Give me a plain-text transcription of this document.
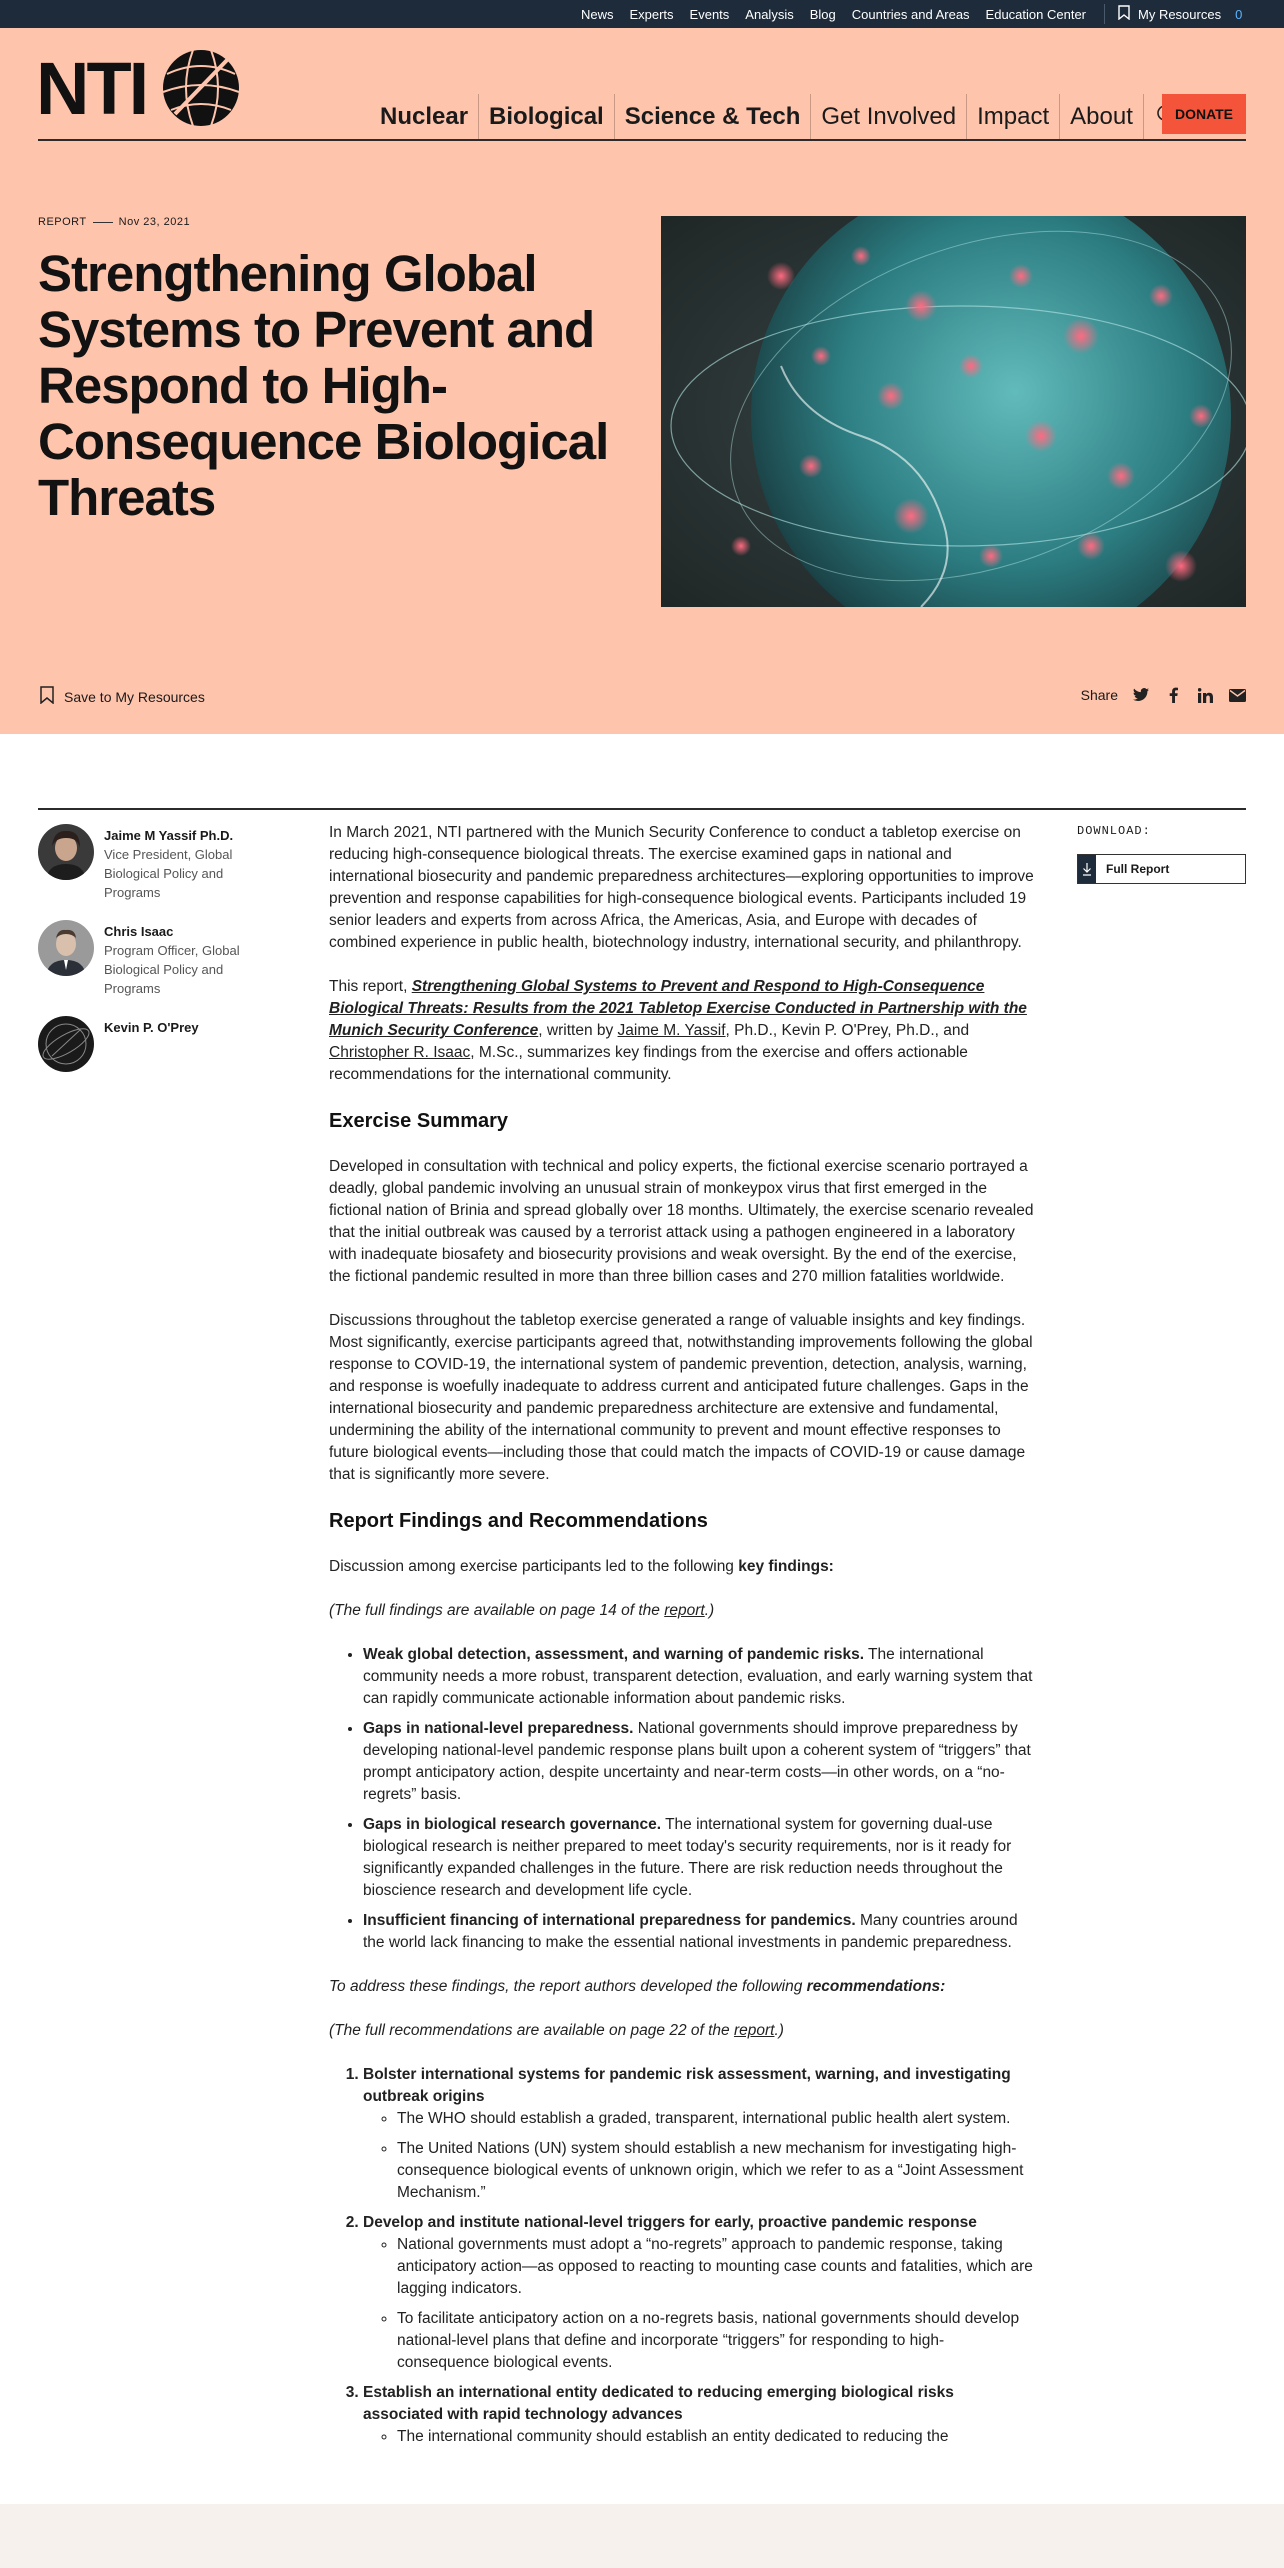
News Experts Events Analysis Blog Countries and Areas Education Center	My Resources 0
NTI	Nuclear Biological Science & Tech Get Involved Impact About	DONATE
REPORT	Nov 23, 2021
Strengthening Global Systems to Prevent and Respond to High-Consequence Biological Threats
Save to My Resources	Share
Jaime M Yassif Ph.D.
Vice President, Global Biological Policy and Programs
Chris Isaac
Program Officer, Global Biological Policy and Programs
Kevin P. O'Prey

In March 2021, NTI partnered with the Munich Security Conference to conduct a tabletop exercise on reducing high-consequence biological threats. The exercise examined gaps in national and international biosecurity and pandemic preparedness architectures—exploring opportunities to improve prevention and response capabilities for high-consequence biological events. Participants included 19 senior leaders and experts from across Africa, the Americas, Asia, and Europe with decades of combined experience in public health, biotechnology industry, international security, and philanthropy.

This report, Strengthening Global Systems to Prevent and Respond to High-Consequence Biological Threats: Results from the 2021 Tabletop Exercise Conducted in Partnership with the Munich Security Conference, written by Jaime M. Yassif, Ph.D., Kevin P. O'Prey, Ph.D., and Christopher R. Isaac, M.Sc., summarizes key findings from the exercise and offers actionable recommendations for the international community.

Exercise Summary

Developed in consultation with technical and policy experts, the fictional exercise scenario portrayed a deadly, global pandemic involving an unusual strain of monkeypox virus that first emerged in the fictional nation of Brinia and spread globally over 18 months. Ultimately, the exercise scenario revealed that the initial outbreak was caused by a terrorist attack using a pathogen engineered in a laboratory with inadequate biosafety and biosecurity provisions and weak oversight. By the end of the exercise, the fictional pandemic resulted in more than three billion cases and 270 million fatalities worldwide.

Discussions throughout the tabletop exercise generated a range of valuable insights and key findings. Most significantly, exercise participants agreed that, notwithstanding improvements following the global response to COVID-19, the international system of pandemic prevention, detection, analysis, warning, and response is woefully inadequate to address current and anticipated future challenges. Gaps in the international biosecurity and pandemic preparedness architecture are extensive and fundamental, undermining the ability of the international community to prevent and mount effective responses to future biological events—including those that could match the impacts of COVID-19 or cause damage that is significantly more severe.

Report Findings and Recommendations

Discussion among exercise participants led to the following key findings:

(The full findings are available on page 14 of the report.)

• Weak global detection, assessment, and warning of pandemic risks. The international community needs a more robust, transparent detection, evaluation, and early warning system that can rapidly communicate actionable information about pandemic risks.
• Gaps in national-level preparedness. National governments should improve preparedness by developing national-level pandemic response plans built upon a coherent system of “triggers” that prompt anticipatory action, despite uncertainty and near-term costs—in other words, on a “no-regrets” basis.
• Gaps in biological research governance. The international system for governing dual-use biological research is neither prepared to meet today's security requirements, nor is it ready for significantly expanded challenges in the future. There are risk reduction needs throughout the bioscience research and development life cycle.
• Insufficient financing of international preparedness for pandemics. Many countries around the world lack financing to make the essential national investments in pandemic preparedness.

To address these findings, the report authors developed the following recommendations:

(The full recommendations are available on page 22 of the report.)

1. Bolster international systems for pandemic risk assessment, warning, and investigating outbreak origins
◦ The WHO should establish a graded, transparent, international public health alert system.
◦ The United Nations (UN) system should establish a new mechanism for investigating high-consequence biological events of unknown origin, which we refer to as a “Joint Assessment Mechanism.”
2. Develop and institute national-level triggers for early, proactive pandemic response
◦ National governments must adopt a “no-regrets” approach to pandemic response, taking anticipatory action—as opposed to reacting to mounting case counts and fatalities, which are lagging indicators.
◦ To facilitate anticipatory action on a no-regrets basis, national governments should develop national-level plans that define and incorporate “triggers” for responding to high-consequence biological events.
3. Establish an international entity dedicated to reducing emerging biological risks associated with rapid technology advances
◦ The international community should establish an entity dedicated to reducing the
DOWNLOAD:
Full Report
